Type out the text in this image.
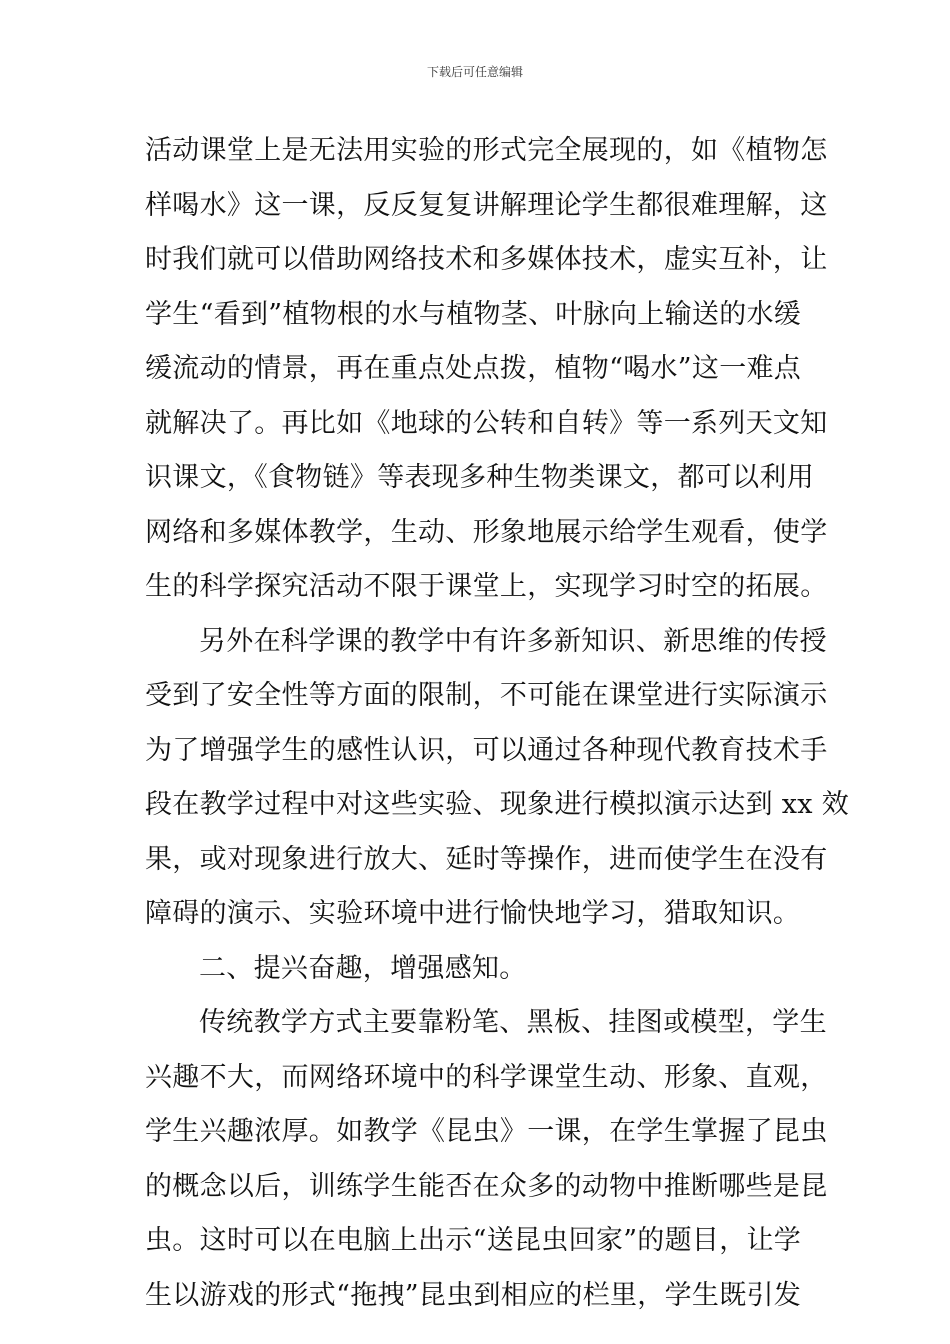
下载后可任意编辑
活动课堂上是无法用实验的形式完全展现的，如《植物怎
样喝水》这一课，反反复复讲解理论学生都很难理解，这
时我们就可以借助网络技术和多媒体技术，虚实互补，让
学生“看到”植物根的水与植物茎、叶脉向上输送的水缓
缓流动的情景，再在重点处点拨，植物“喝水”这一难点
就解决了。再比如《地球的公转和自转》等一系列天文知
识课文，《食物链》等表现多种生物类课文，都可以利用
网络和多媒体教学，生动、形象地展示给学生观看，使学
生的科学探究活动不限于课堂上，实现学习时空的拓展。
另外在科学课的教学中有许多新知识、新思维的传授
受到了安全性等方面的限制，不可能在课堂进行实际演示
为了增强学生的感性认识，可以通过各种现代教育技术手
段在教学过程中对这些实验、现象进行模拟演示达到 xx 效
果，或对现象进行放大、延时等操作，进而使学生在没有
障碍的演示、实验环境中进行愉快地学习，猎取知识。
二、提兴奋趣，增强感知。
传统教学方式主要靠粉笔、黑板、挂图或模型，学生
兴趣不大，而网络环境中的科学课堂生动、形象、直观，
学生兴趣浓厚。如教学《昆虫》一课，在学生掌握了昆虫
的概念以后，训练学生能否在众多的动物中推断哪些是昆
虫。这时可以在电脑上出示“送昆虫回家”的题目，让学
生以游戏的形式“拖拽”昆虫到相应的栏里，学生既引发
